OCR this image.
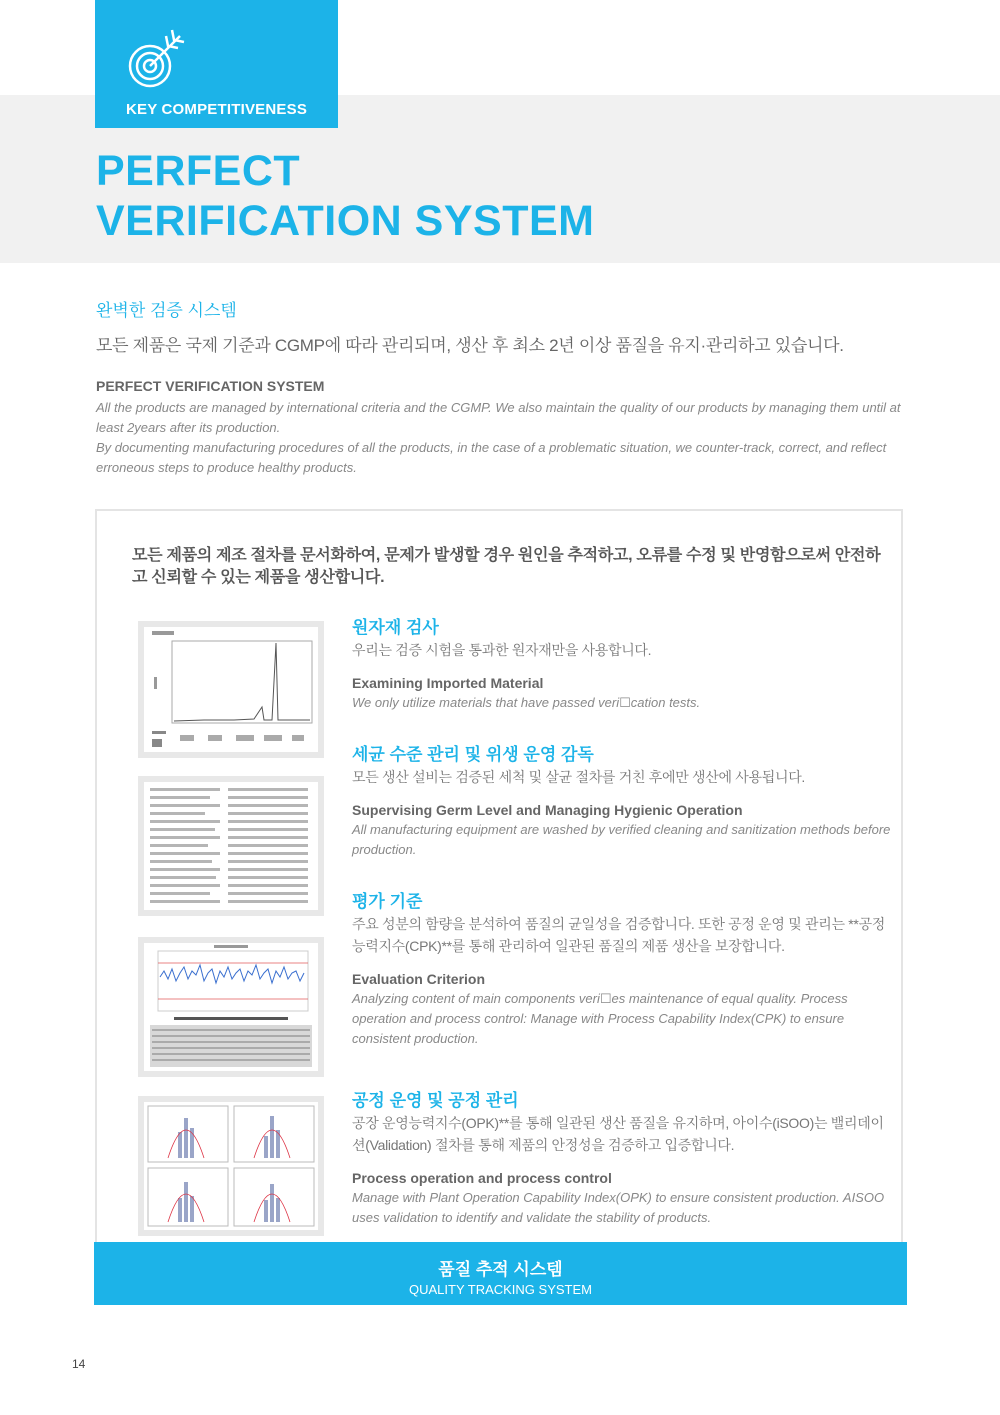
KEY COMPETITIVENESS
PERFECT
VERIFICATION SYSTEM
완벽한 검증 시스템
모든 제품은 국제 기준과 CGMP에 따라 관리되며, 생산 후 최소 2년 이상 품질을 유지·관리하고 있습니다.
PERFECT VERIFICATION SYSTEM

All the products are managed by international criteria and the CGMP. We also maintain the quality of our products by managing them until at least 2years after its production.

By documenting manufacturing procedures of all the products, in the case of a problematic situation, we counter-track, correct, and reflect erroneous steps to produce healthy products.

모든 제품의 제조 절차를 문서화하여, 문제가 발생할 경우 원인을 추적하고, 오류를 수정 및 반영함으로써 안전하고 신뢰할 수 있는 제품을 생산합니다.
원자재 검사
우리는 검증 시험을 통과한 원자재만을 사용합니다.
Examining Imported Material
We only utilize materials that have passed veri☐cation tests.
세균 수준 관리 및 위생 운영 감독
모든 생산 설비는 검증된 세척 및 살균 절차를 거친 후에만 생산에 사용됩니다.
Supervising Germ Level and Managing Hygienic Operation
All manufacturing equipment are washed by verified cleaning and sanitization methods before production.
평가 기준
주요 성분의 함량을 분석하여 품질의 균일성을 검증합니다. 또한 공정 운영 및 관리는 **공정능력지수(CPK)**를 통해 관리하여 일관된 품질의 제품 생산을 보장합니다.
Evaluation Criterion
Analyzing content of main components veri☐es maintenance of equal quality. Process operation and process control: Manage with Process Capability Index(CPK) to ensure consistent production.
공정 운영 및 공정 관리
공장 운영능력지수(OPK)**를 통해 일관된 생산 품질을 유지하며, 아이수(iSOO)는 밸리데이션(Validation) 절차를 통해 제품의 안정성을 검증하고 입증합니다.
Process operation and process control
Manage with Plant Operation Capability Index(OPK) to ensure consistent production. AISOO uses validation to identify and validate the stability of products.
품질 추적 시스템
QUALITY TRACKING SYSTEM
14
